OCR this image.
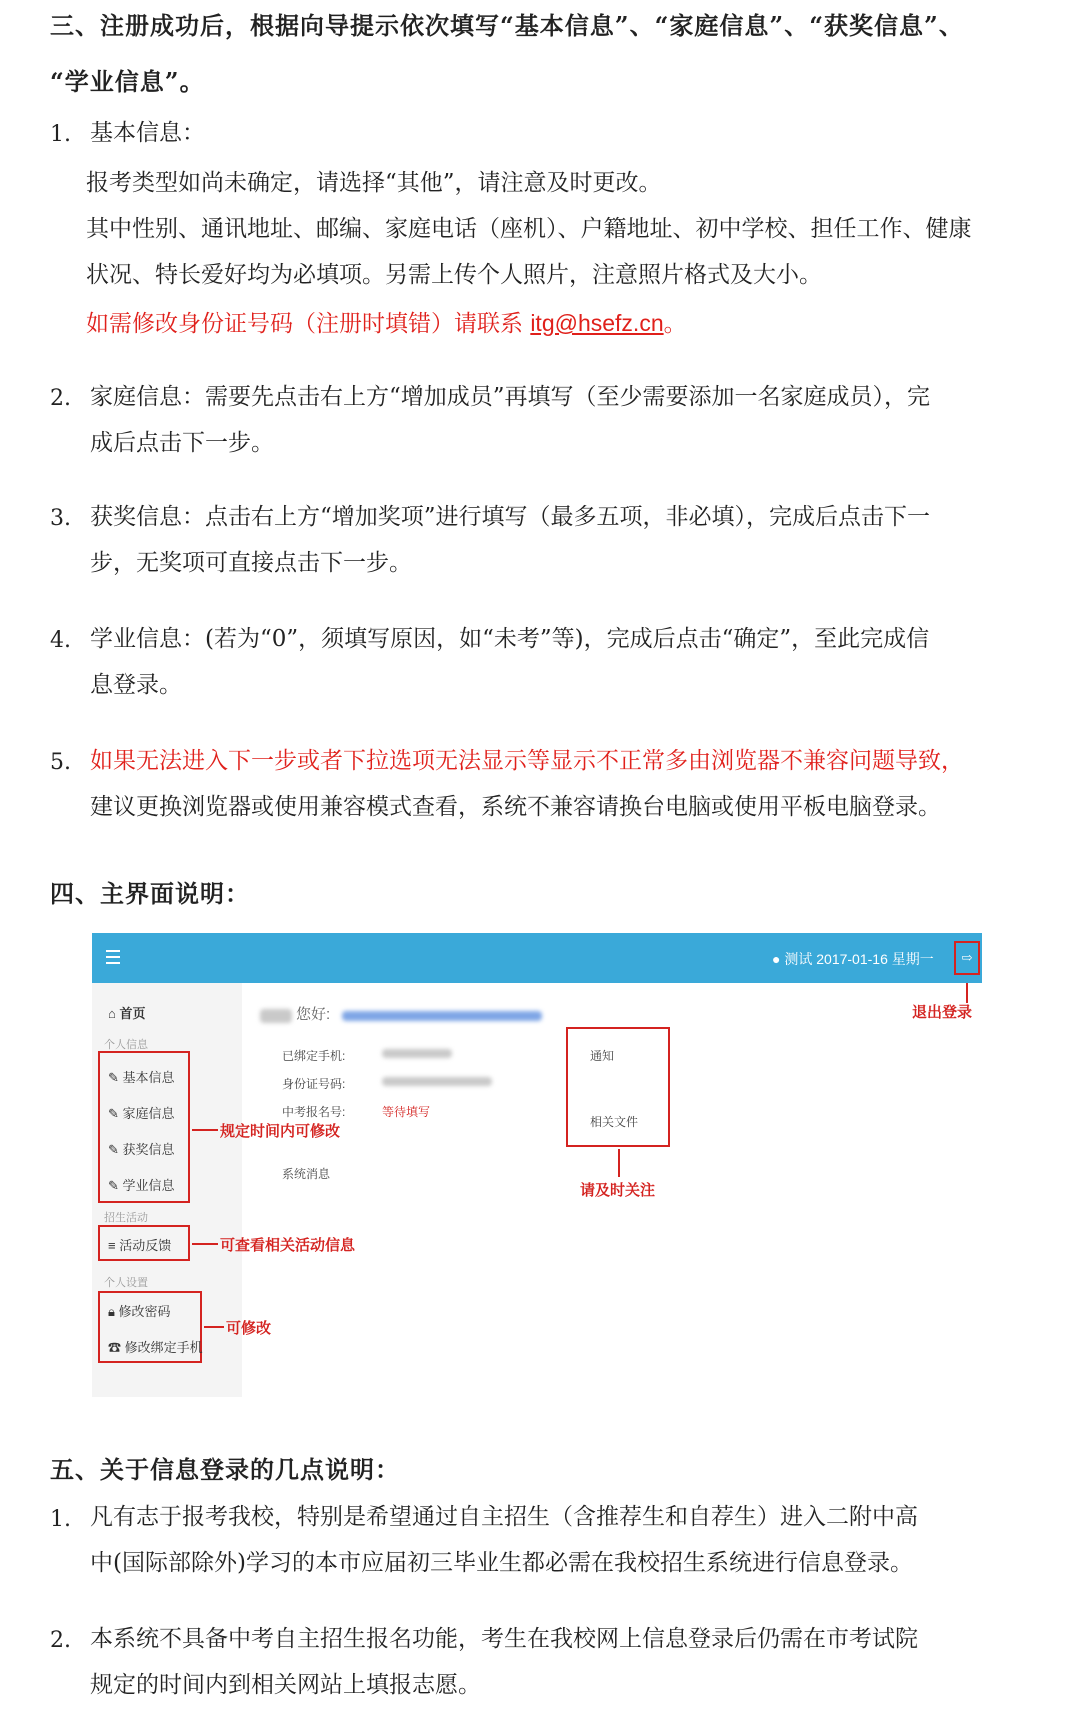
三、注册成功后，根据向导提示依次填写“基本信息”、“家庭信息”、“获奖信息”、
“学业信息”。
1. 基本信息：
报考类型如尚未确定，请选择“其他”，请注意及时更改。
其中性别、通讯地址、邮编、家庭电话（座机）、户籍地址、初中学校、担任工作、健康
状况、特长爱好均为必填项。另需上传个人照片，注意照片格式及大小。
如需修改身份证号码（注册时填错）请联系 itg@hsefz.cn。
2. 家庭信息：需要先点击右上方“增加成员”再填写（至少需要添加一名家庭成员），完
成后点击下一步。
3. 获奖信息：点击右上方“增加奖项”进行填写（最多五项，非必填），完成后点击下一
步，无奖项可直接点击下一步。
4. 学业信息：(若为“0”，须填写原因，如“未考”等)，完成后点击“确定”，至此完成信
息登录。
5. 如果无法进入下一步或者下拉选项无法显示等显示不正常多由浏览器不兼容问题导致，
建议更换浏览器或使用兼容模式查看，系统不兼容请换台电脑或使用平板电脑登录。
四、主界面说明：
● 测试 2017-01-16 星期一	⇨
⌂ 首页
个人信息
✎ 基本信息
✎ 家庭信息
✎ 获奖信息
✎ 学业信息
招生活动
≡ 活动反馈
个人设置
🔒︎ 修改密码
☎ 修改绑定手机
您好:
已绑定手机:
身份证号码:
中考报名号:	等待填写
系统消息
通知
相关文件
规定时间内可修改
请及时关注
可查看相关活动信息
可修改
退出登录
五、关于信息登录的几点说明：
1. 凡有志于报考我校，特别是希望通过自主招生（含推荐生和自荐生）进入二附中高
中(国际部除外)学习的本市应届初三毕业生都必需在我校招生系统进行信息登录。
2. 本系统不具备中考自主招生报名功能，考生在我校网上信息登录后仍需在市考试院
规定的时间内到相关网站上填报志愿。
